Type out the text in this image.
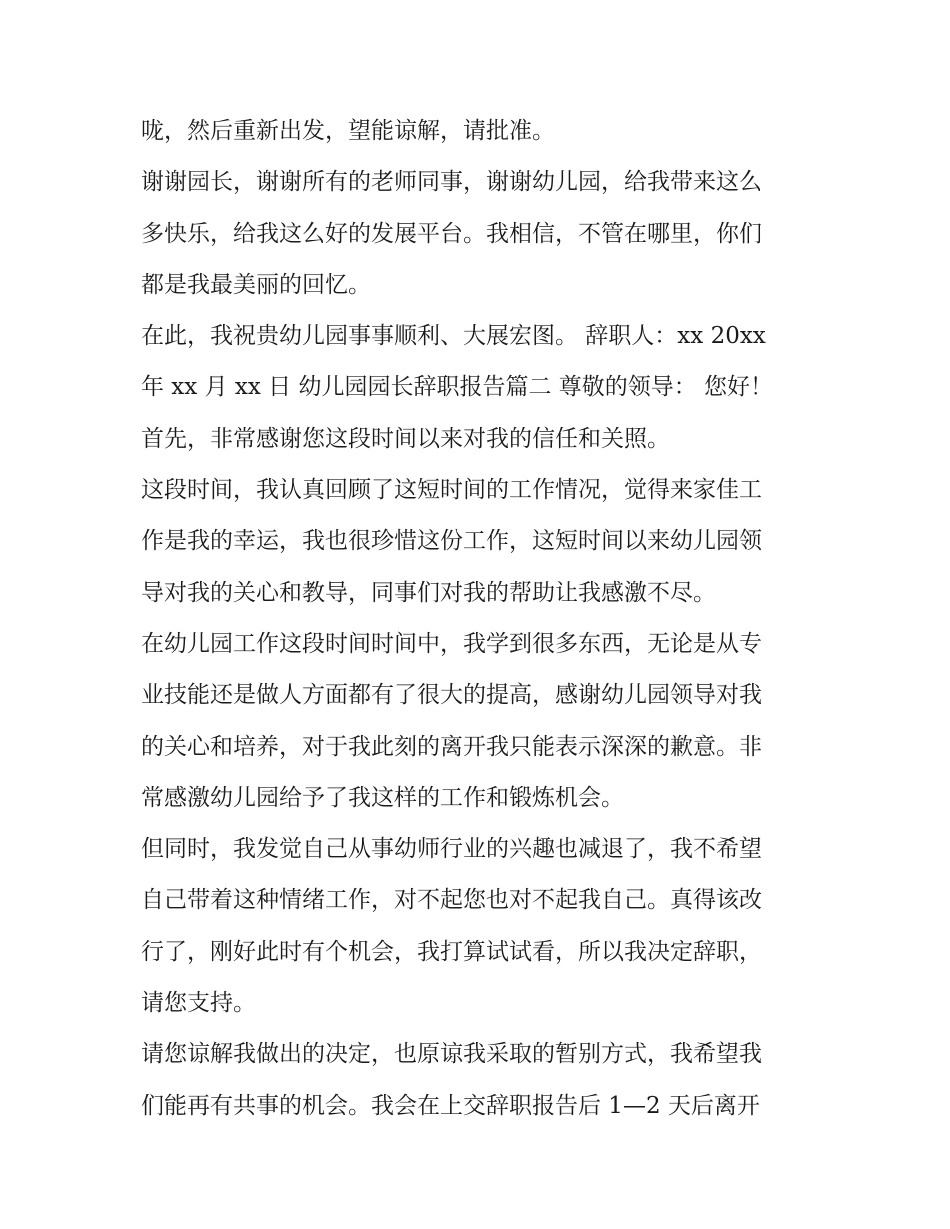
咙，然后重新出发，望能谅解，请批准。
谢谢园长，谢谢所有的老师同事，谢谢幼儿园，给我带来这么
多快乐，给我这么好的发展平台。我相信，不管在哪里，你们
都是我最美丽的回忆。
在此，我祝贵幼儿园事事顺利、大展宏图。 辞职人：xx 20xx
年 xx 月 xx 日 幼儿园园长辞职报告篇二 尊敬的领导： 您好！
首先，非常感谢您这段时间以来对我的信任和关照。
这段时间，我认真回顾了这短时间的工作情况，觉得来家佳工
作是我的幸运，我也很珍惜这份工作，这短时间以来幼儿园领
导对我的关心和教导，同事们对我的帮助让我感激不尽。
在幼儿园工作这段时间时间中，我学到很多东西，无论是从专
业技能还是做人方面都有了很大的提高，感谢幼儿园领导对我
的关心和培养，对于我此刻的离开我只能表示深深的歉意。非
常感激幼儿园给予了我这样的工作和锻炼机会。
但同时，我发觉自己从事幼师行业的兴趣也减退了，我不希望
自己带着这种情绪工作，对不起您也对不起我自己。真得该改
行了，刚好此时有个机会，我打算试试看，所以我决定辞职，
请您支持。
请您谅解我做出的决定，也原谅我采取的暂别方式，我希望我
们能再有共事的机会。我会在上交辞职报告后 1—2 天后离开
